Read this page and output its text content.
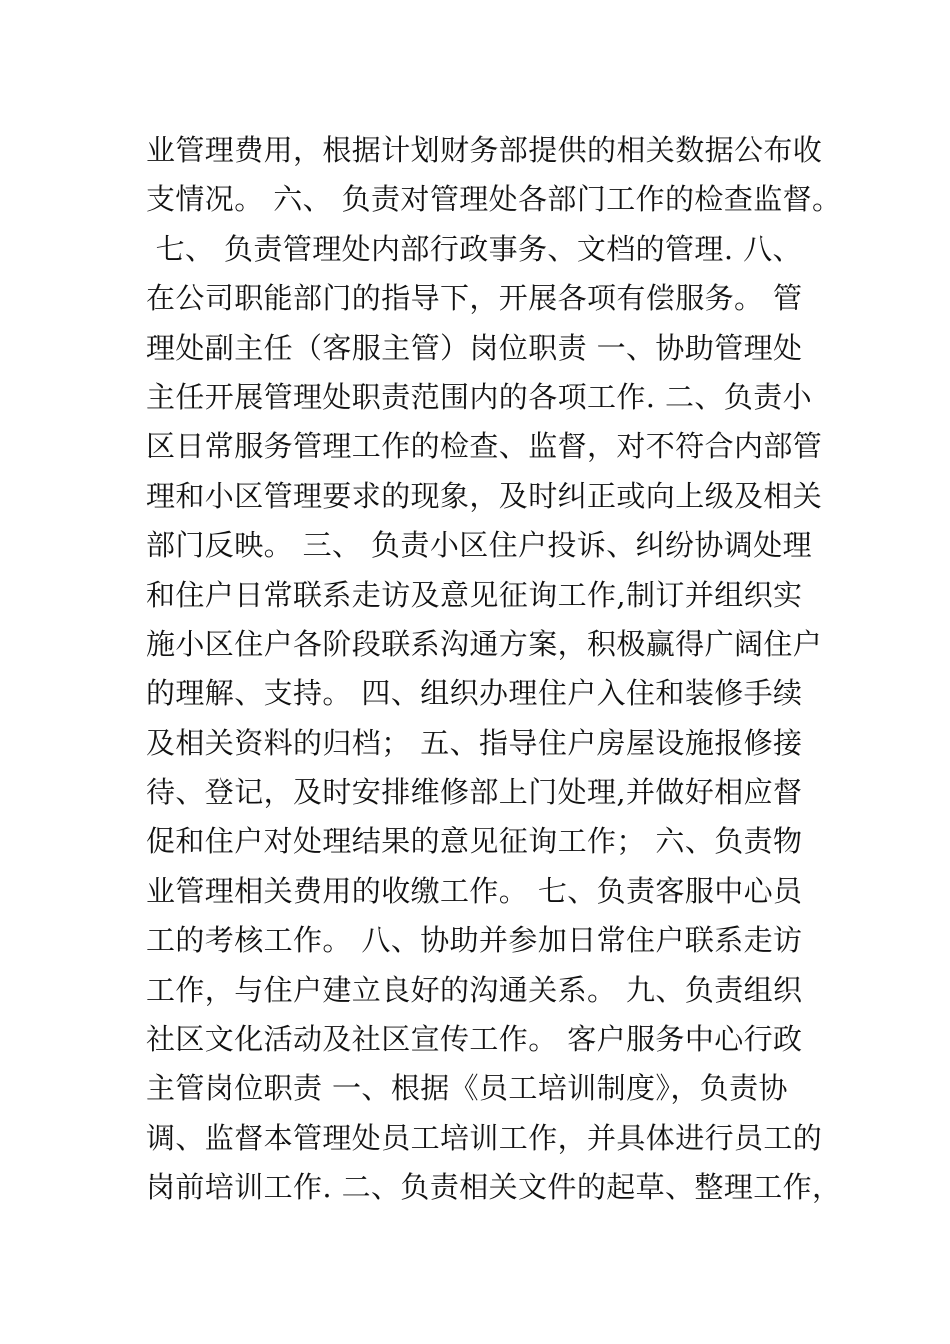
业管理费用，根据计划财务部提供的相关数据公布收
支情况。 六、 负责对管理处各部门工作的检查监督。
七、 负责管理处内部行政事务、文档的管理. 八、
在公司职能部门的指导下，开展各项有偿服务。 管
理处副主任（客服主管）岗位职责 一、协助管理处
主任开展管理处职责范围内的各项工作. 二、负责小
区日常服务管理工作的检查、监督，对不符合内部管
理和小区管理要求的现象，及时纠正或向上级及相关
部门反映。 三、 负责小区住户投诉、纠纷协调处理
和住户日常联系走访及意见征询工作,制订并组织实
施小区住户各阶段联系沟通方案，积极赢得广阔住户
的理解、支持。 四、组织办理住户入住和装修手续
及相关资料的归档； 五、指导住户房屋设施报修接
待、登记，及时安排维修部上门处理,并做好相应督
促和住户对处理结果的意见征询工作； 六、负责物
业管理相关费用的收缴工作。 七、负责客服中心员
工的考核工作。 八、协助并参加日常住户联系走访
工作，与住户建立良好的沟通关系。 九、负责组织
社区文化活动及社区宣传工作。 客户服务中心行政
主管岗位职责 一、根据《员工培训制度》，负责协
调、监督本管理处员工培训工作，并具体进行员工的
岗前培训工作. 二、负责相关文件的起草、整理工作，
